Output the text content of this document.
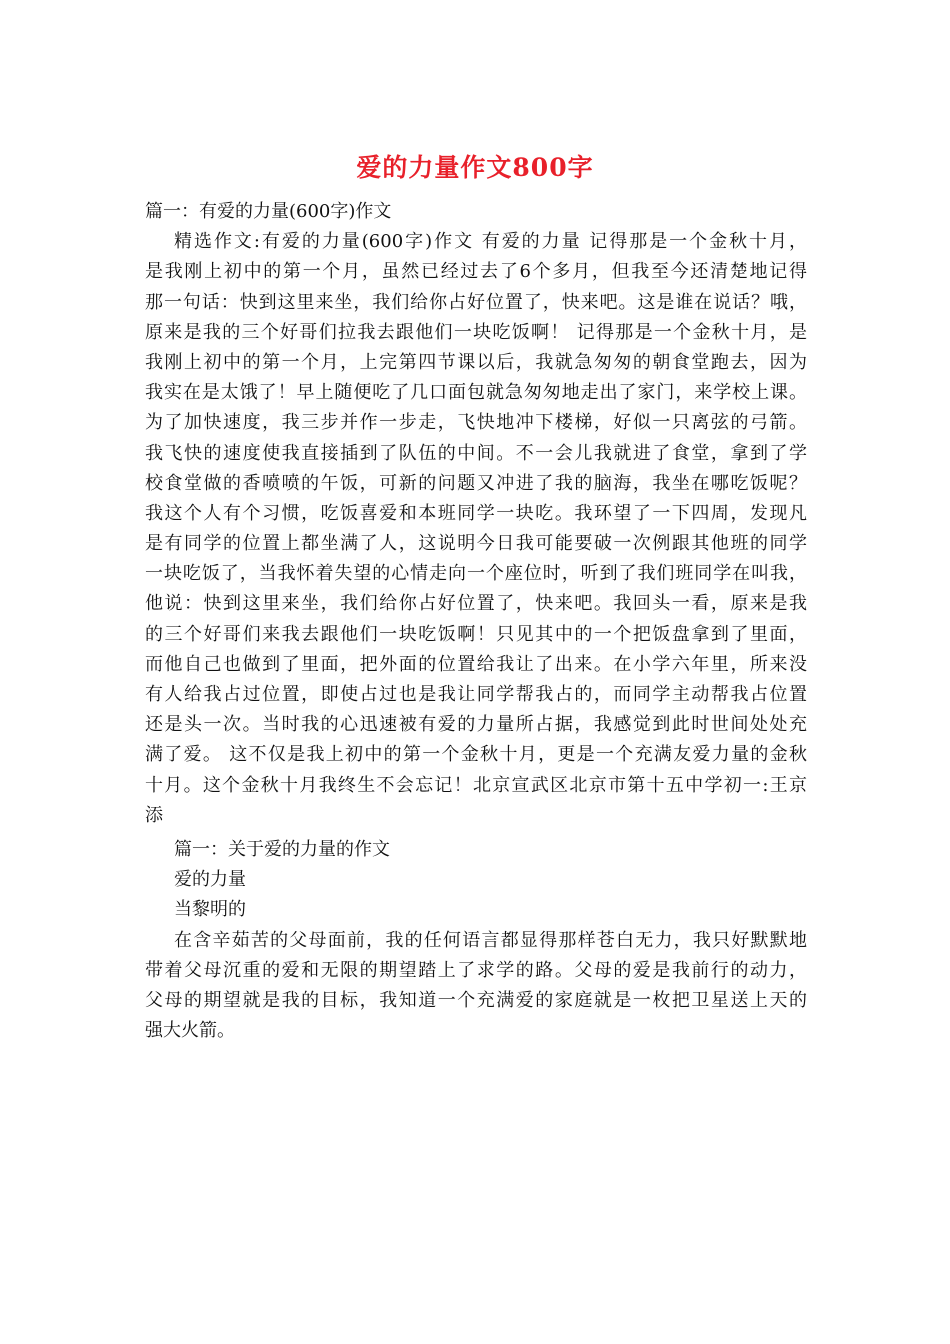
爱的力量作文800字
篇一：有爱的力量(600字)作文
精选作文:有爱的力量(600字)作文 有爱的力量 记得那是一个金秋十月，
是我刚上初中的第一个月，虽然已经过去了6个多月，但我至今还清楚地记得
那一句话：快到这里来坐，我们给你占好位置了，快来吧。这是谁在说话？哦，
原来是我的三个好哥们拉我去跟他们一块吃饭啊！ 记得那是一个金秋十月，是
我刚上初中的第一个月，上完第四节课以后，我就急匆匆的朝食堂跑去，因为
我实在是太饿了！早上随便吃了几口面包就急匆匆地走出了家门，来学校上课。
为了加快速度，我三步并作一步走，飞快地冲下楼梯，好似一只离弦的弓箭。
我飞快的速度使我直接插到了队伍的中间。不一会儿我就进了食堂，拿到了学
校食堂做的香喷喷的午饭，可新的问题又冲进了我的脑海，我坐在哪吃饭呢？
我这个人有个习惯，吃饭喜爱和本班同学一块吃。我环望了一下四周，发现凡
是有同学的位置上都坐满了人，这说明今日我可能要破一次例跟其他班的同学
一块吃饭了，当我怀着失望的心情走向一个座位时，听到了我们班同学在叫我，
他说：快到这里来坐，我们给你占好位置了，快来吧。我回头一看，原来是我
的三个好哥们来我去跟他们一块吃饭啊！只见其中的一个把饭盘拿到了里面，
而他自己也做到了里面，把外面的位置给我让了出来。在小学六年里，所来没
有人给我占过位置，即使占过也是我让同学帮我占的，而同学主动帮我占位置
还是头一次。当时我的心迅速被有爱的力量所占据，我感觉到此时世间处处充
满了爱。 这不仅是我上初中的第一个金秋十月，更是一个充满友爱力量的金秋
十月。这个金秋十月我终生不会忘记！北京宣武区北京市第十五中学初一:王京
添
篇一：关于爱的力量的作文
爱的力量
当黎明的
在含辛茹苦的父母面前，我的任何语言都显得那样苍白无力，我只好默默地
带着父母沉重的爱和无限的期望踏上了求学的路。父母的爱是我前行的动力，
父母的期望就是我的目标，我知道一个充满爱的家庭就是一枚把卫星送上天的
强大火箭。
